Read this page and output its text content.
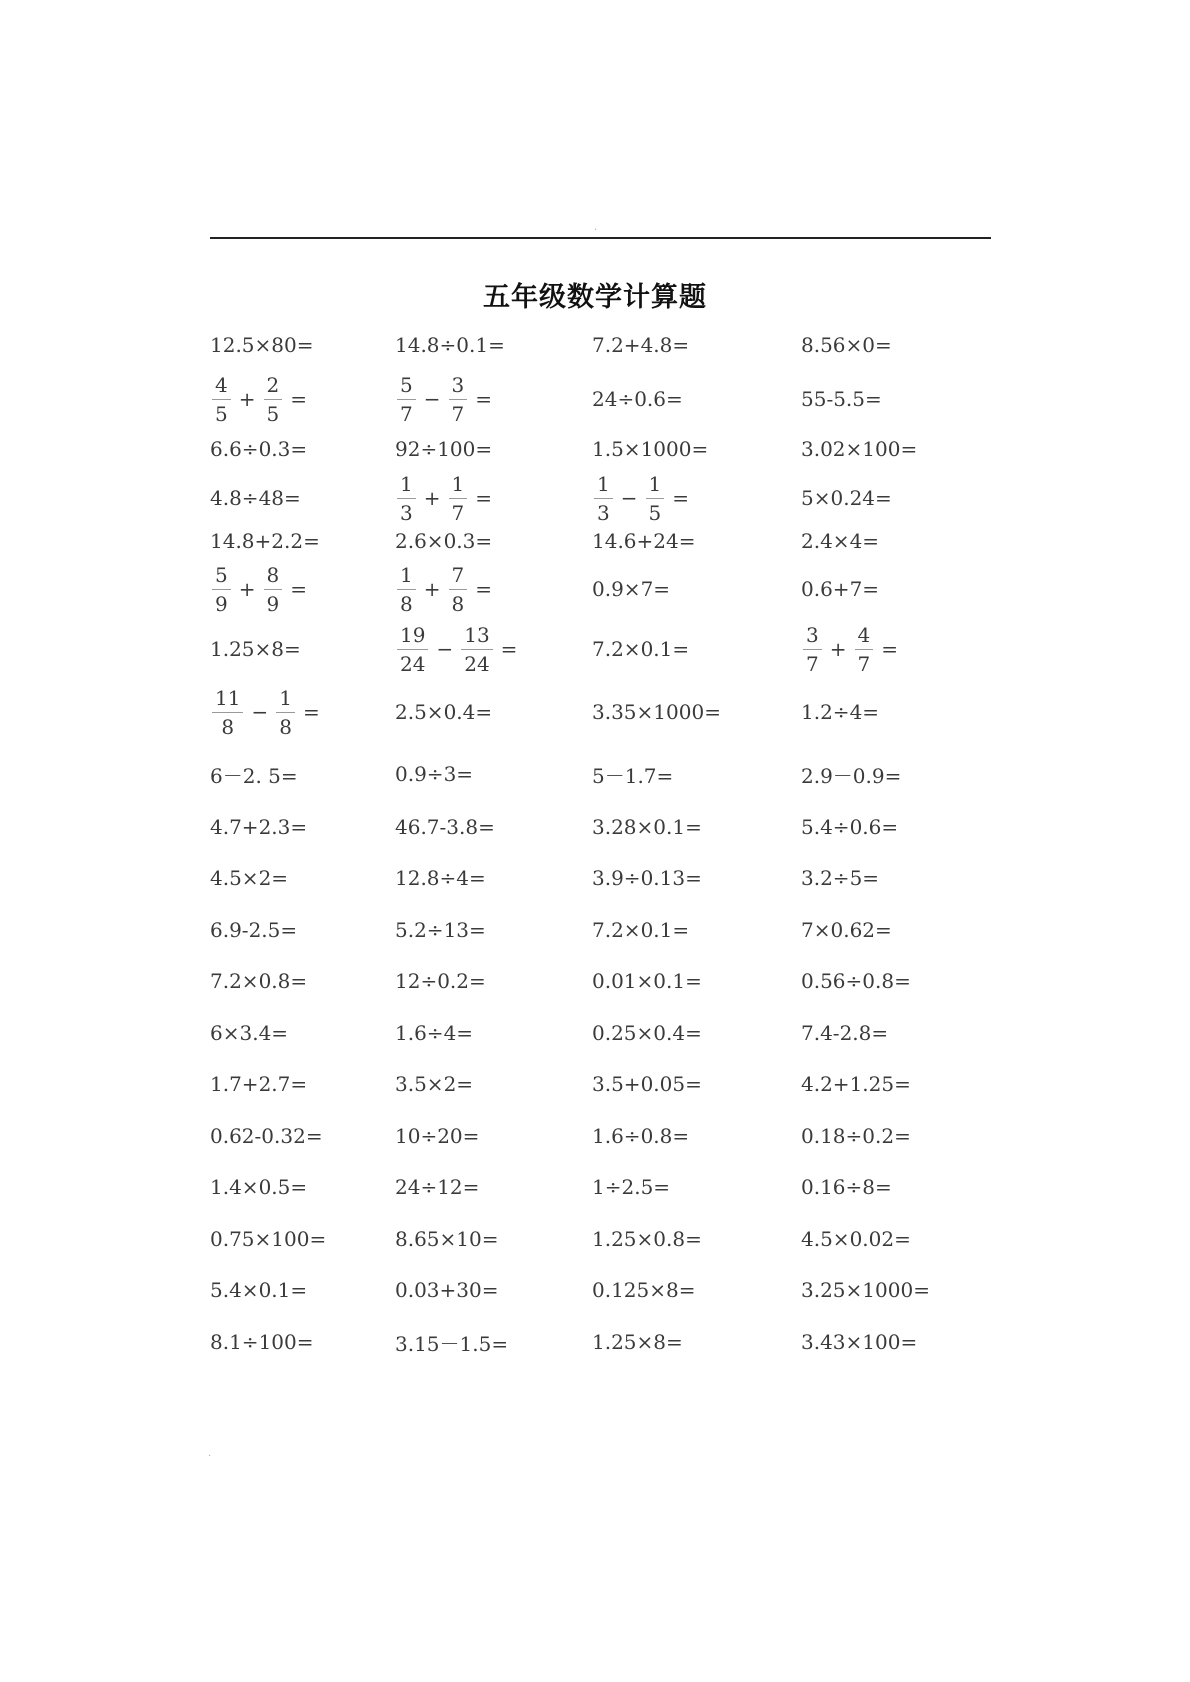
.
五年级数学计算题
12.5×80=	14.8÷0.1=	7.2+4.8=	8.56×0=
$\frac{4}{5} + \frac{2}{5}$ =	$\frac{5}{7} - \frac{3}{7}$ =	24÷0.6=	55-5.5=
6.6÷0.3=	92÷100=	1.5×1000=	3.02×100=
4.8÷48=	$\frac{1}{3} + \frac{1}{7}$ =	$\frac{1}{3} - \frac{1}{5}$ =	5×0.24=
14.8+2.2=	2.6×0.3=	14.6+24=	2.4×4=
$\frac{5}{9} + \frac{8}{9}$ =	$\frac{1}{8} + \frac{7}{8}$ =	0.9×7=	0.6+7=
1.25×8=	$\frac{19}{24} - \frac{13}{24}$ =	7.2×0.1=	$\frac{3}{7} + \frac{4}{7}$ =
$\frac{11}{8} - \frac{1}{8}$ =	2.5×0.4=	3.35×1000=	1.2÷4=
6－2. 5=	0.9÷3=	5－1.7=	2.9－0.9=
4.7+2.3=	46.7-3.8=	3.28×0.1=	5.4÷0.6=
4.5×2=	12.8÷4=	3.9÷0.13=	3.2÷5=
6.9-2.5=	5.2÷13=	7.2×0.1=	7×0.62=
7.2×0.8=	12÷0.2=	0.01×0.1=	0.56÷0.8=
6×3.4=	1.6÷4=	0.25×0.4=	7.4-2.8=
1.7+2.7=	3.5×2=	3.5+0.05=	4.2+1.25=
0.62-0.32=	10÷20=	1.6÷0.8=	0.18÷0.2=
1.4×0.5=	24÷12=	1÷2.5=	0.16÷8=
0.75×100=	8.65×10=	1.25×0.8=	4.5×0.02=
5.4×0.1=	0.03+30=	0.125×8=	3.25×1000=
8.1÷100=	3.15－1.5=	1.25×8=	3.43×100=
.
